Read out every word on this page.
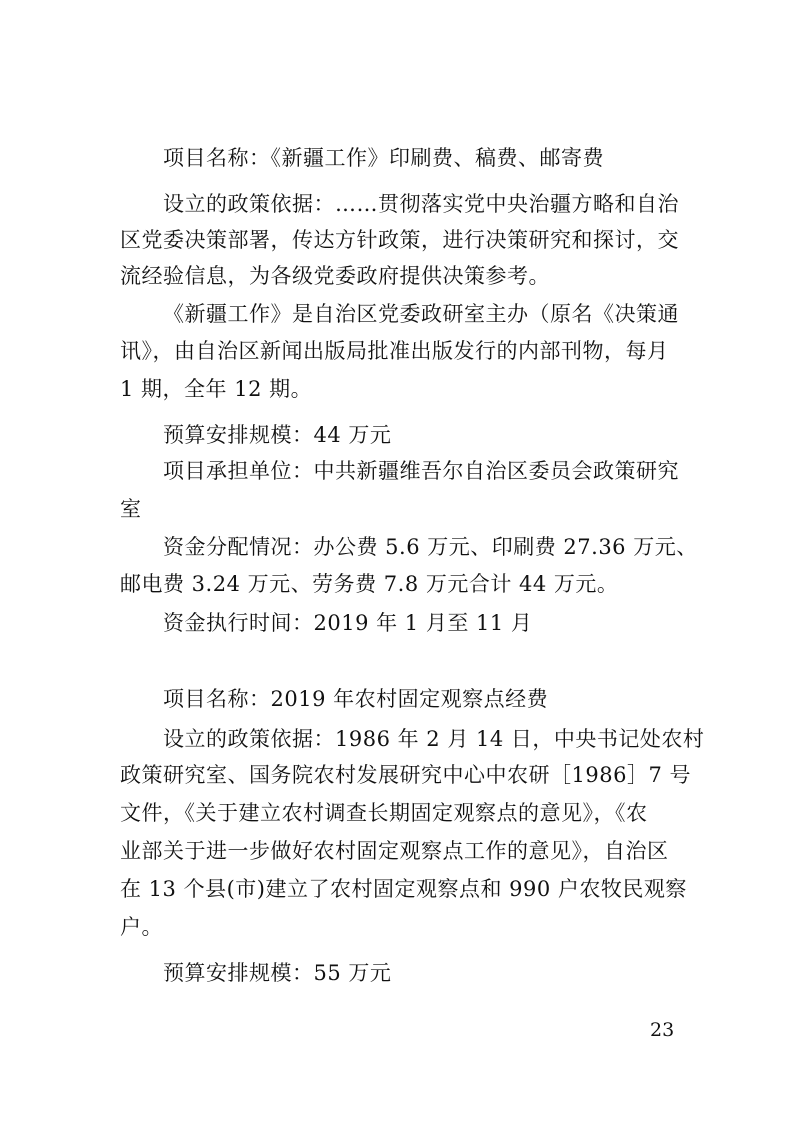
项目名称：《新疆工作》印刷费、稿费、邮寄费
设立的政策依据：……贯彻落实党中央治疆方略和自治
区党委决策部署，传达方针政策，进行决策研究和探讨，交
流经验信息，为各级党委政府提供决策参考。
《新疆工作》是自治区党委政研室主办（原名《决策通
讯》，由自治区新闻出版局批准出版发行的内部刊物，每月
1 期，全年 12 期。
预算安排规模：44 万元
项目承担单位：中共新疆维吾尔自治区委员会政策研究
室
资金分配情况：办公费 5.6 万元、印刷费 27.36 万元、
邮电费 3.24 万元、劳务费 7.8 万元合计 44 万元。
资金执行时间：2019 年 1 月至 11 月
项目名称：2019 年农村固定观察点经费
设立的政策依据：1986 年 2 月 14 日，中央书记处农村
政策研究室、国务院农村发展研究中心中农研［1986］7 号
文件，《关于建立农村调查长期固定观察点的意见》，《农
业部关于进一步做好农村固定观察点工作的意见》，自治区
在 13 个县(市)建立了农村固定观察点和 990 户农牧民观察
户。
预算安排规模：55 万元
23
